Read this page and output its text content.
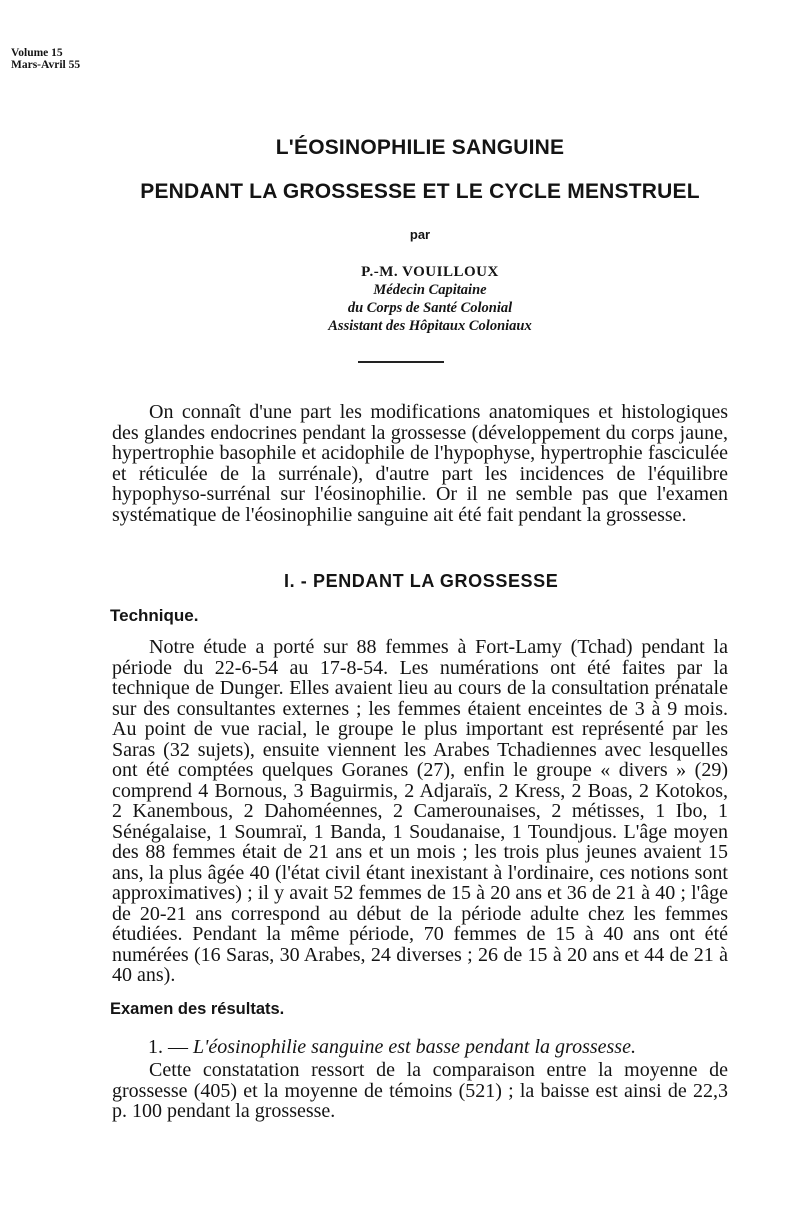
Volume 15
Mars-Avril 55
L'ÉOSINOPHILIE SANGUINE
PENDANT LA GROSSESSE ET LE CYCLE MENSTRUEL
par
P.-M. VOUILLOUX
Médecin Capitaine
du Corps de Santé Colonial
Assistant des Hôpitaux Coloniaux

On connaît d'une part les modifications anatomiques et histologiques des glandes endocrines pendant la grossesse (développement du corps jaune, hypertrophie basophile et acidophile de l'hypophyse, hypertrophie fasciculée et réticulée de la surrénale), d'autre part les incidences de l'équilibre hypophyso-surrénal sur l'éosinophilie. Or il ne semble pas que l'examen systématique de l'éosinophilie sanguine ait été fait pendant la grossesse.

I. - PENDANT LA GROSSESSE
Technique.

Notre étude a porté sur 88 femmes à Fort-Lamy (Tchad) pendant la période du 22-6-54 au 17-8-54. Les numérations ont été faites par la technique de Dunger. Elles avaient lieu au cours de la consultation prénatale sur des consultantes externes ; les femmes étaient enceintes de 3 à 9 mois. Au point de vue racial, le groupe le plus important est représenté par les Saras (32 sujets), ensuite viennent les Arabes Tchadiennes avec lesquelles ont été comptées quelques Goranes (27), enfin le groupe « divers » (29) comprend 4 Bornous, 3 Baguirmis, 2 Adjaraïs, 2 Kress, 2 Boas, 2 Kotokos, 2 Kanembous, 2 Dahoméennes, 2 Camerounaises, 2 métisses, 1 Ibo, 1 Sénégalaise, 1 Soumraï, 1 Banda, 1 Soudanaise, 1 Toundjous. L'âge moyen des 88 femmes était de 21 ans et un mois ; les trois plus jeunes avaient 15 ans, la plus âgée 40 (l'état civil étant inexistant à l'ordinaire, ces notions sont approximatives) ; il y avait 52 femmes de 15 à 20 ans et 36 de 21 à 40 ; l'âge de 20-21 ans correspond au début de la période adulte chez les femmes étudiées. Pendant la même période, 70 femmes de 15 à 40 ans ont été numérées (16 Saras, 30 Arabes, 24 diverses ; 26 de 15 à 20 ans et 44 de 21 à 40 ans).

Examen des résultats.

1. — L'éosinophilie sanguine est basse pendant la grossesse.

Cette constatation ressort de la comparaison entre la moyenne de grossesse (405) et la moyenne de témoins (521) ; la baisse est ainsi de 22,3 p. 100 pendant la grossesse.
